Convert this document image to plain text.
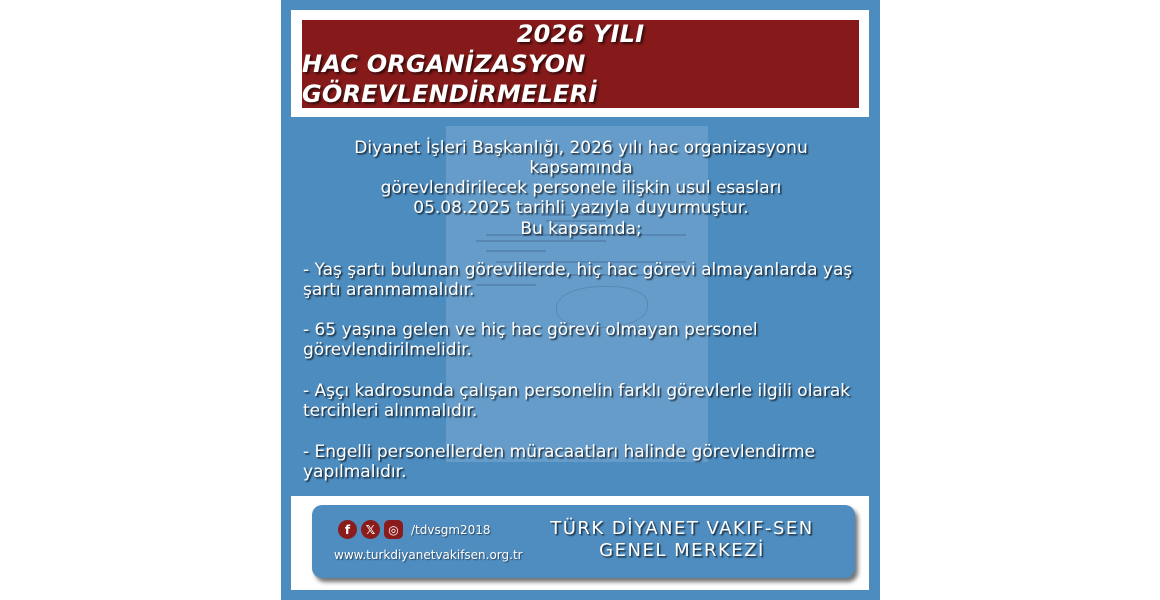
2026 YILI
HAC ORGANİZASYON GÖREVLENDİRMELERİ
Diyanet İşleri Başkanlığı, 2026 yılı hac organizasyonu kapsamında
görevlendirilecek personele ilişkin usul esasları
05.08.2025 tarihli yazıyla duyurmuştur.
Bu kapsamda;
- Yaş şartı bulunan görevlilerde, hiç hac görevi almayanlarda yaş
şartı aranmamalıdır.
- 65 yaşına gelen ve hiç hac görevi olmayan personel
görevlendirilmelidir.
- Aşçı kadrosunda çalışan personelin farklı görevlerle ilgili olarak
tercihleri alınmalıdır.
- Engelli personellerden müracaatları halinde görevlendirme
yapılmalıdır.
f	𝕏	◎	/tdvsgm2018
www.turkdiyanetvakifsen.org.tr
TÜRK DİYANET VAKIF-SEN
GENEL MERKEZİ
